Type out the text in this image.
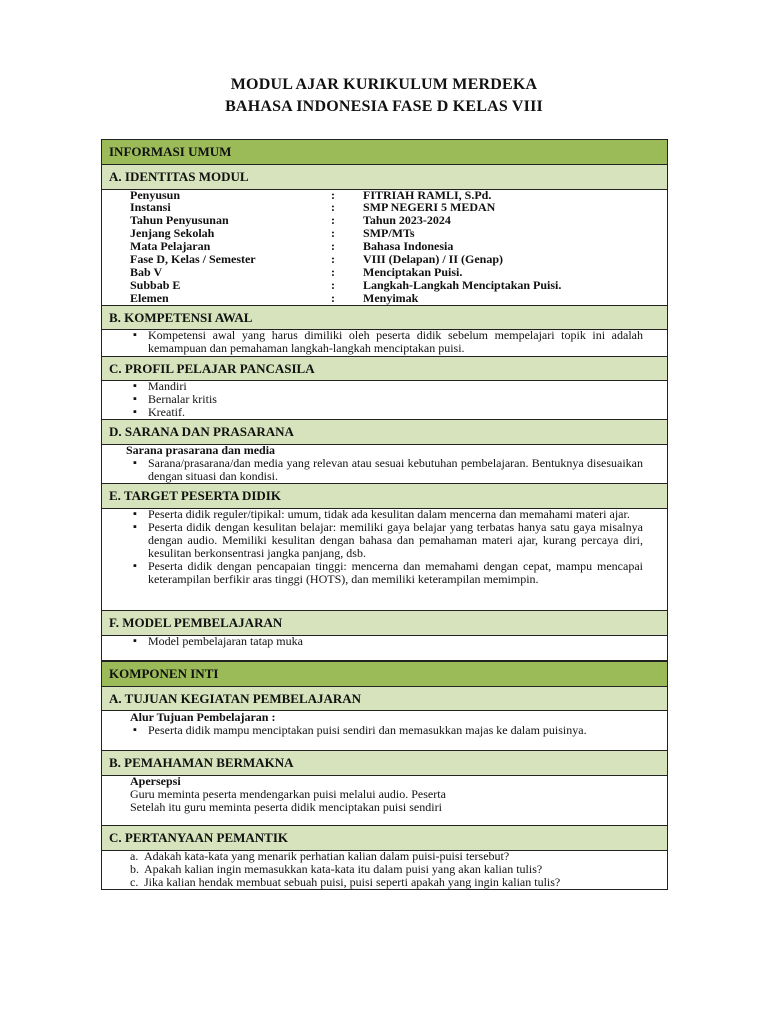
MODUL AJAR KURIKULUM MERDEKA
BAHASA INDONESIA FASE D KELAS VIII
INFORMASI UMUM
A. IDENTITAS MODUL
Penyusun	: FITRIAH RAMLI, S.Pd.
Instansi	: SMP NEGERI 5 MEDAN
Tahun Penyusunan	: Tahun 2023-2024
Jenjang Sekolah	: SMP/MTs
Mata Pelajaran	: Bahasa Indonesia
Fase D, Kelas / Semester	: VIII (Delapan) / II (Genap)
Bab V	: Menciptakan Puisi.
Subbab E	: Langkah-Langkah Menciptakan Puisi.
Elemen	: Menyimak
B. KOMPETENSI AWAL
▪ Kompetensi awal yang harus dimiliki oleh peserta didik sebelum mempelajari topik ini adalah kemampuan dan pemahaman langkah-langkah menciptakan puisi.
C. PROFIL PELAJAR PANCASILA
▪ Mandiri
▪ Bernalar kritis
▪ Kreatif.
D. SARANA DAN PRASARANA
Sarana prasarana dan media
▪ Sarana/prasarana/dan media yang relevan atau sesuai kebutuhan pembelajaran. Bentuknya disesuaikan dengan situasi dan kondisi.
E. TARGET PESERTA DIDIK
▪ Peserta didik reguler/tipikal: umum, tidak ada kesulitan dalam mencerna dan memahami materi ajar.
▪ Peserta didik dengan kesulitan belajar: memiliki gaya belajar yang terbatas hanya satu gaya misalnya dengan audio. Memiliki kesulitan dengan bahasa dan pemahaman materi ajar, kurang percaya diri, kesulitan berkonsentrasi jangka panjang, dsb.
▪ Peserta didik dengan pencapaian tinggi: mencerna dan memahami dengan cepat, mampu mencapai keterampilan berfikir aras tinggi (HOTS), dan memiliki keterampilan memimpin.
F. MODEL PEMBELAJARAN
▪ Model pembelajaran tatap muka
KOMPONEN INTI
A. TUJUAN KEGIATAN PEMBELAJARAN
Alur Tujuan Pembelajaran :
▪ Peserta didik mampu menciptakan puisi sendiri dan memasukkan majas ke dalam puisinya.
B. PEMAHAMAN BERMAKNA
Apersepsi
Guru meminta peserta mendengarkan puisi melalui audio. Peserta
Setelah itu guru meminta peserta didik menciptakan puisi sendiri
C. PERTANYAAN PEMANTIK
a. Adakah kata-kata yang menarik perhatian kalian dalam puisi-puisi tersebut?
b. Apakah kalian ingin memasukkan kata-kata itu dalam puisi yang akan kalian tulis?
c. Jika kalian hendak membuat sebuah puisi, puisi seperti apakah yang ingin kalian tulis?
